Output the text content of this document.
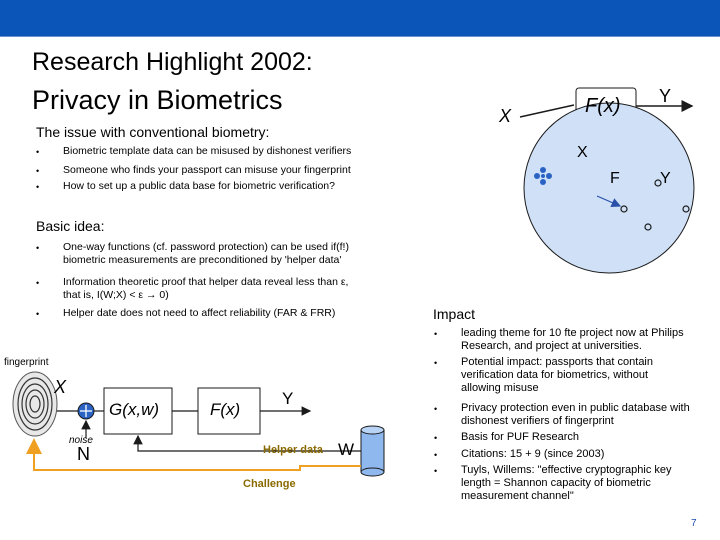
Research Highlight 2002:
Privacy in Biometrics
The issue with conventional biometry:
• Biometric template data can be misused by dishonest verifiers
• Someone who finds your passport can misuse your fingerprint
• How to set up a public data base for biometric verification?
Basic idea:
• One-way functions (cf. password protection) can be used if(f!)
biometric measurements are preconditioned by 'helper data'
• Information theoretic proof that helper data reveal less than ε,
that is, I(W;X) < ε → 0)
• Helper date does not need to affect reliability (FAR & FRR)	Impact
• leading theme for 10 fte project now at Philips
Research, and project at universities.
• Potential impact: passports that contain
verification data for biometrics, without
allowing misuse
• Privacy protection even in public database with
dishonest verifiers of fingerprint
• Basis for PUF Research
• Citations: 15 + 9 (since 2003)
• Tuyls, Willems: "effective cryptographic key
length = Shannon capacity of biometric
measurement channel"
7
X	F(x) Y
X
F	Y
fingerprint
X
G(x,w)	F(x)
Y
noise
N	Helper data W
Challenge
